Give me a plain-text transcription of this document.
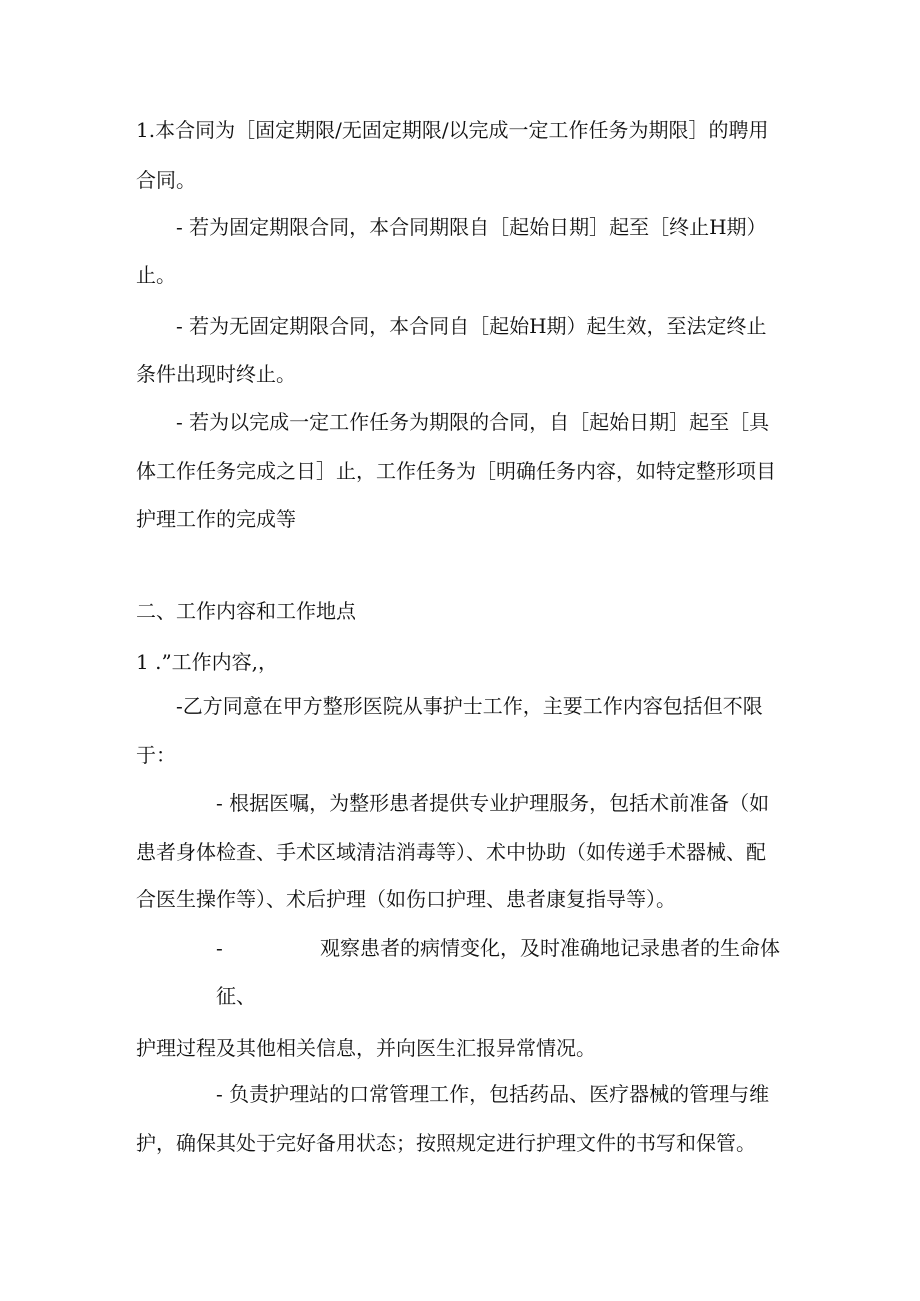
1.本合同为［固定期限/无固定期限/以完成一定工作任务为期限］的聘用

合同。

- 若为固定期限合同，本合同期限自［起始日期］起至［终止H期）

止。

- 若为无固定期限合同，本合同自［起始H期）起生效，至法定终止

条件出现时终止。

- 若为以完成一定工作任务为期限的合同，自［起始日期］起至［具

体工作任务完成之日］止，工作任务为［明确任务内容，如特定整形项目

护理工作的完成等

二、工作内容和工作地点

1 .”工作内容,，

-乙方同意在甲方整形医院从事护士工作，主要工作内容包括但不限

于：

- 根据医嘱，为整形患者提供专业护理服务，包括术前准备（如

患者身体检查、手术区域清洁消毒等）、术中协助（如传递手术器械、配

合医生操作等）、术后护理（如伤口护理、患者康复指导等）。

-	观察患者的病情变化，及时准确地记录患者的生命体

征、

护理过程及其他相关信息，并向医生汇报异常情况。

- 负责护理站的口常管理工作，包括药品、医疗器械的管理与维

护，确保其处于完好备用状态；按照规定进行护理文件的书写和保管。
